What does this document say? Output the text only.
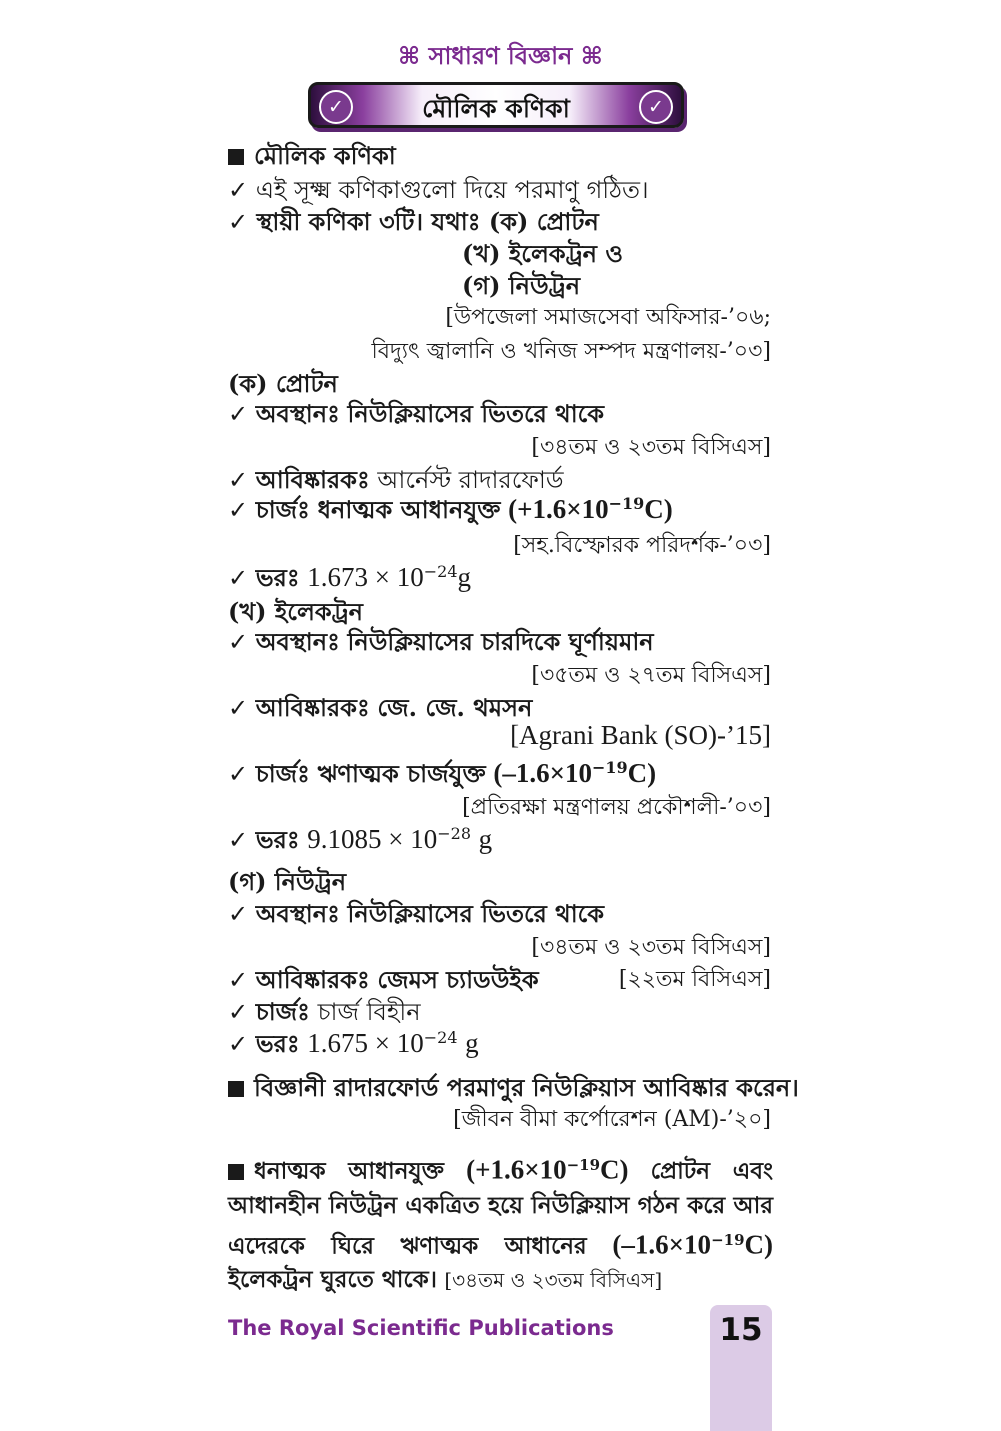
⌘ সাধারণ বিজ্ঞান ⌘
✓	মৌলিক কণিকা	✓
মৌলিক কণিকা
✓ এই সূক্ষ্ম কণিকাগুলো দিয়ে পরমাণু গঠিত।
✓ স্থায়ী কণিকা ৩টি। যথাঃ (ক) প্রোটন
(খ) ইলেকট্রন ও
(গ) নিউট্রন
[উপজেলা সমাজসেবা অফিসার-’০৬;
বিদ্যুৎ জ্বালানি ও খনিজ সম্পদ মন্ত্রণালয়-’০৩]
(ক) প্রোটন
✓ অবস্থানঃ নিউক্লিয়াসের ভিতরে থাকে
[৩৪তম ও ২৩তম বিসিএস]
✓ আবিষ্কারকঃ আর্নেস্ট রাদারফোর্ড
✓ চার্জঃ ধনাত্মক আধানযুক্ত $(+1.6\times 10^{-19}C)$
[সহ.বিস্ফোরক পরিদর্শক-’০৩]
✓ ভরঃ $1.673 \times 10^{-24}g$
(খ) ইলেকট্রন
✓ অবস্থানঃ নিউক্লিয়াসের চারদিকে ঘূর্ণায়মান
[৩৫তম ও ২৭তম বিসিএস]
✓ আবিষ্কারকঃ জে. জে. থমসন
[Agrani Bank (SO)-’15]
✓ চার্জঃ ঋণাত্মক চার্জযুক্ত $(-1.6\times 10^{-19}C)$
[প্রতিরক্ষা মন্ত্রণালয় প্রকৌশলী-’০৩]
✓ ভরঃ $9.1085 \times 10^{-28}$ g
(গ) নিউট্রন
✓ অবস্থানঃ নিউক্লিয়াসের ভিতরে থাকে
[৩৪তম ও ২৩তম বিসিএস]
✓ আবিষ্কারকঃ জেমস চ্যাডউইক	[২২তম বিসিএস]
✓ চার্জঃ চার্জ বিহীন
✓ ভরঃ $1.675 \times 10^{-24}$ g
বিজ্ঞানী রাদারফোর্ড পরমাণুর নিউক্লিয়াস আবিষ্কার করেন।
[জীবন বীমা কর্পোরেশন (AM)-’২০]
ধনাত্মক আধানযুক্ত $(+1.6\times 10^{-19}C)$ প্রোটন এবং আধানহীন নিউট্রন একত্রিত হয়ে নিউক্লিয়াস গঠন করে আর এদেরকে ঘিরে ঋণাত্মক আধানের $(-1.6\times 10^{-19}C)$ ইলেকট্রন ঘুরতে থাকে। [৩৪তম ও ২৩তম বিসিএস]
The Royal Scientific Publications	15
